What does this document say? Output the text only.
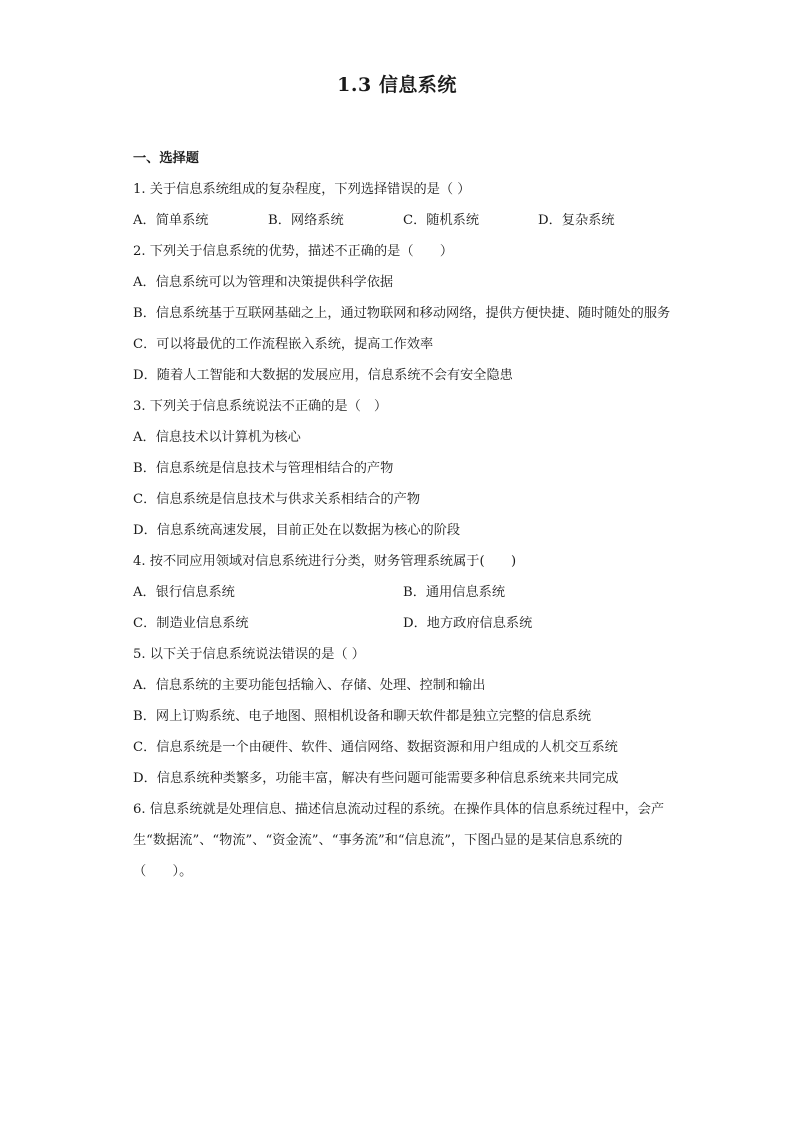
1.3 信息系统
一、选择题
1. 关于信息系统组成的复杂程度，下列选择错误的是（ ）
A．简单系统	B．网络系统	C．随机系统	D．复杂系统
2. 下列关于信息系统的优势，描述不正确的是（　　）
A．信息系统可以为管理和决策提供科学依据
B．信息系统基于互联网基础之上，通过物联网和移动网络，提供方便快捷、随时随处的服务
C．可以将最优的工作流程嵌入系统，提高工作效率
D．随着人工智能和大数据的发展应用，信息系统不会有安全隐患
3. 下列关于信息系统说法不正确的是（　）
A．信息技术以计算机为核心
B．信息系统是信息技术与管理相结合的产物
C．信息系统是信息技术与供求关系相结合的产物
D．信息系统高速发展，目前正处在以数据为核心的阶段
4. 按不同应用领域对信息系统进行分类，财务管理系统属于(　　)
A．银行信息系统	B．通用信息系统
C．制造业信息系统	D．地方政府信息系统
5. 以下关于信息系统说法错误的是（ ）
A．信息系统的主要功能包括输入、存储、处理、控制和输出
B．网上订购系统、电子地图、照相机设备和聊天软件都是独立完整的信息系统
C．信息系统是一个由硬件、软件、通信网络、数据资源和用户组成的人机交互系统
D．信息系统种类繁多，功能丰富，解决有些问题可能需要多种信息系统来共同完成
6. 信息系统就是处理信息、描述信息流动过程的系统。在操作具体的信息系统过程中，会产生“数据流”、“物流”、“资金流”、“事务流”和“信息流”，下图凸显的是某信息系统的（　　）。
